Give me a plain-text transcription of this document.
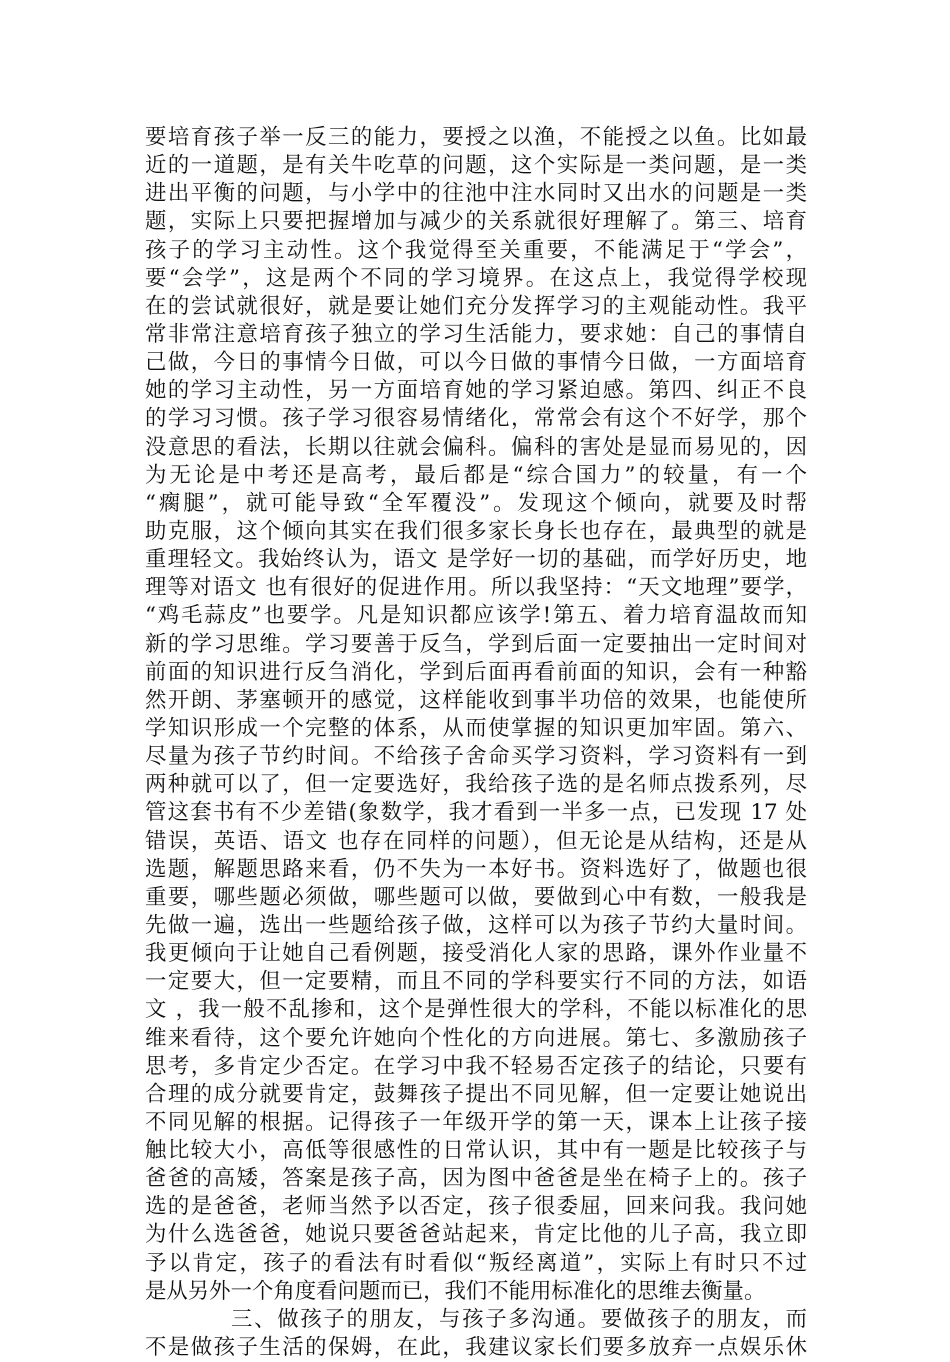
要培育孩子举一反三的能力，要授之以渔，不能授之以鱼。比如最
近的一道题，是有关牛吃草的问题，这个实际是一类问题，是一类
进出平衡的问题，与小学中的往池中注水同时又出水的问题是一类
题，实际上只要把握增加与减少的关系就很好理解了。第三、培育
孩子的学习主动性。这个我觉得至关重要，不能满足于“学会”，
要“会学”，这是两个不同的学习境界。在这点上，我觉得学校现
在的尝试就很好，就是要让她们充分发挥学习的主观能动性。我平
常非常注意培育孩子独立的学习生活能力，要求她：自己的事情自
己做，今日的事情今日做，可以今日做的事情今日做，一方面培育
她的学习主动性，另一方面培育她的学习紧迫感。第四、纠正不良
的学习习惯。孩子学习很容易情绪化，常常会有这个不好学，那个
没意思的看法，长期以往就会偏科。偏科的害处是显而易见的，因
为无论是中考还是高考，最后都是“综合国力”的较量，有一个
“瘸腿”，就可能导致“全军覆没”。发现这个倾向，就要及时帮
助克服，这个倾向其实在我们很多家长身长也存在，最典型的就是
重理轻文。我始终认为，语文 是学好一切的基础，而学好历史，地
理等对语文 也有很好的促进作用。所以我坚持：“天文地理”要学，
“鸡毛蒜皮”也要学。凡是知识都应该学!第五、着力培育温故而知
新的学习思维。学习要善于反刍，学到后面一定要抽出一定时间对
前面的知识进行反刍消化，学到后面再看前面的知识，会有一种豁
然开朗、茅塞顿开的感觉，这样能收到事半功倍的效果，也能使所
学知识形成一个完整的体系，从而使掌握的知识更加牢固。第六、
尽量为孩子节约时间。不给孩子舍命买学习资料，学习资料有一到
两种就可以了，但一定要选好，我给孩子选的是名师点拨系列，尽
管这套书有不少差错(象数学，我才看到一半多一点，已发现 17 处
错误，英语、语文 也存在同样的问题），但无论是从结构，还是从
选题，解题思路来看，仍不失为一本好书。资料选好了，做题也很
重要，哪些题必须做，哪些题可以做，要做到心中有数，一般我是
先做一遍，选出一些题给孩子做，这样可以为孩子节约大量时间。
我更倾向于让她自己看例题，接受消化人家的思路，课外作业量不
一定要大，但一定要精，而且不同的学科要实行不同的方法，如语
文 ，我一般不乱掺和，这个是弹性很大的学科，不能以标准化的思
维来看待，这个要允许她向个性化的方向进展。第七、多激励孩子
思考，多肯定少否定。在学习中我不轻易否定孩子的结论，只要有
合理的成分就要肯定，鼓舞孩子提出不同见解，但一定要让她说出
不同见解的根据。记得孩子一年级开学的第一天，课本上让孩子接
触比较大小，高低等很感性的日常认识，其中有一题是比较孩子与
爸爸的高矮，答案是孩子高，因为图中爸爸是坐在椅子上的。孩子
选的是爸爸，老师当然予以否定，孩子很委屈，回来问我。我问她
为什么选爸爸，她说只要爸爸站起来，肯定比他的儿子高，我立即
予以肯定，孩子的看法有时看似“叛经离道”，实际上有时只不过
是从另外一个角度看问题而已，我们不能用标准化的思维去衡量。
三、做孩子的朋友，与孩子多沟通。要做孩子的朋友，而
不是做孩子生活的保姆，在此，我建议家长们要多放弃一点娱乐休
